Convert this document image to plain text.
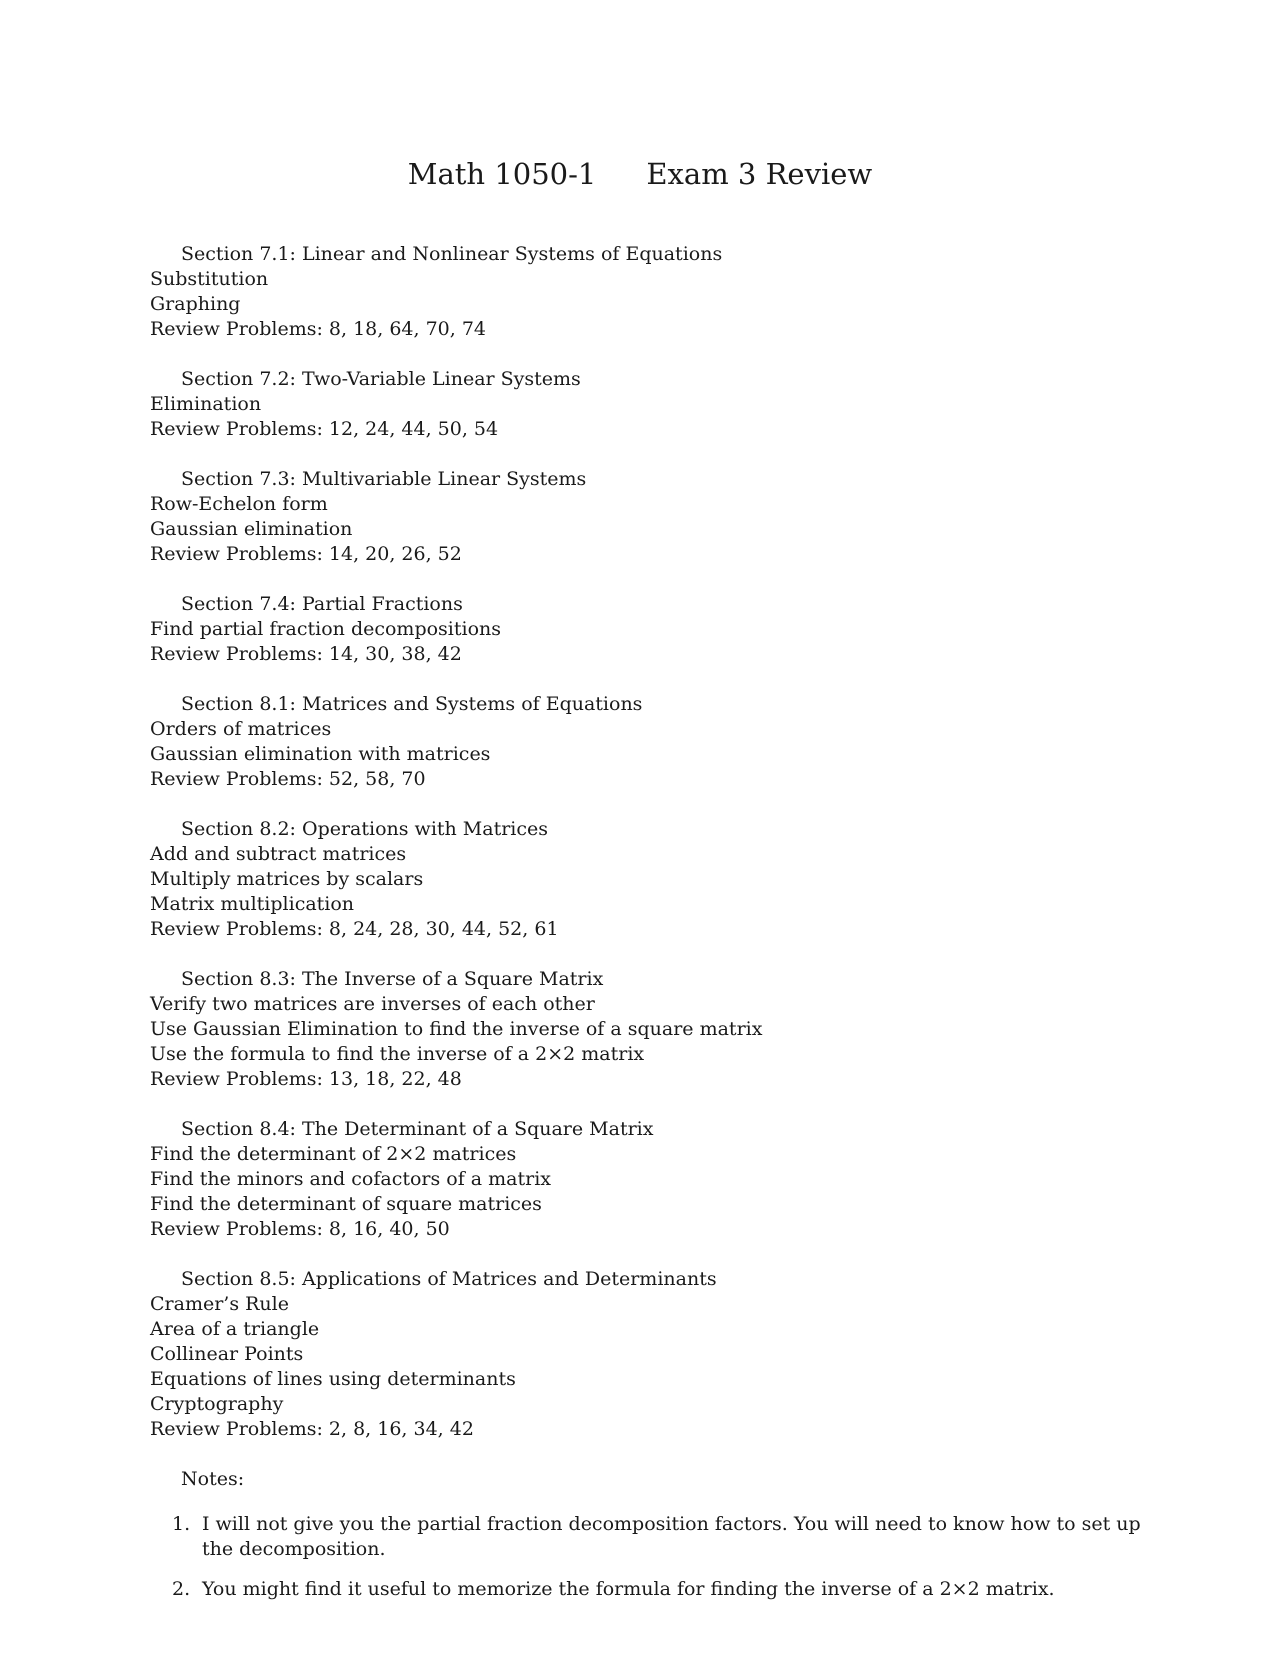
Math 1050-1 Exam 3 Review
Section 7.1: Linear and Nonlinear Systems of Equations
Substitution
Graphing
Review Problems: 8, 18, 64, 70, 74
Section 7.2: Two-Variable Linear Systems
Elimination
Review Problems: 12, 24, 44, 50, 54
Section 7.3: Multivariable Linear Systems
Row-Echelon form
Gaussian elimination
Review Problems: 14, 20, 26, 52
Section 7.4: Partial Fractions
Find partial fraction decompositions
Review Problems: 14, 30, 38, 42
Section 8.1: Matrices and Systems of Equations
Orders of matrices
Gaussian elimination with matrices
Review Problems: 52, 58, 70
Section 8.2: Operations with Matrices
Add and subtract matrices
Multiply matrices by scalars
Matrix multiplication
Review Problems: 8, 24, 28, 30, 44, 52, 61
Section 8.3: The Inverse of a Square Matrix
Verify two matrices are inverses of each other
Use Gaussian Elimination to find the inverse of a square matrix
Use the formula to find the inverse of a 2×2 matrix
Review Problems: 13, 18, 22, 48
Section 8.4: The Determinant of a Square Matrix
Find the determinant of 2×2 matrices
Find the minors and cofactors of a matrix
Find the determinant of square matrices
Review Problems: 8, 16, 40, 50
Section 8.5: Applications of Matrices and Determinants
Cramer’s Rule
Area of a triangle
Collinear Points
Equations of lines using determinants
Cryptography
Review Problems: 2, 8, 16, 34, 42
Notes:
1. I will not give you the partial fraction decomposition factors. You will need to know how to set up the decomposition.
2. You might find it useful to memorize the formula for finding the inverse of a 2×2 matrix.
